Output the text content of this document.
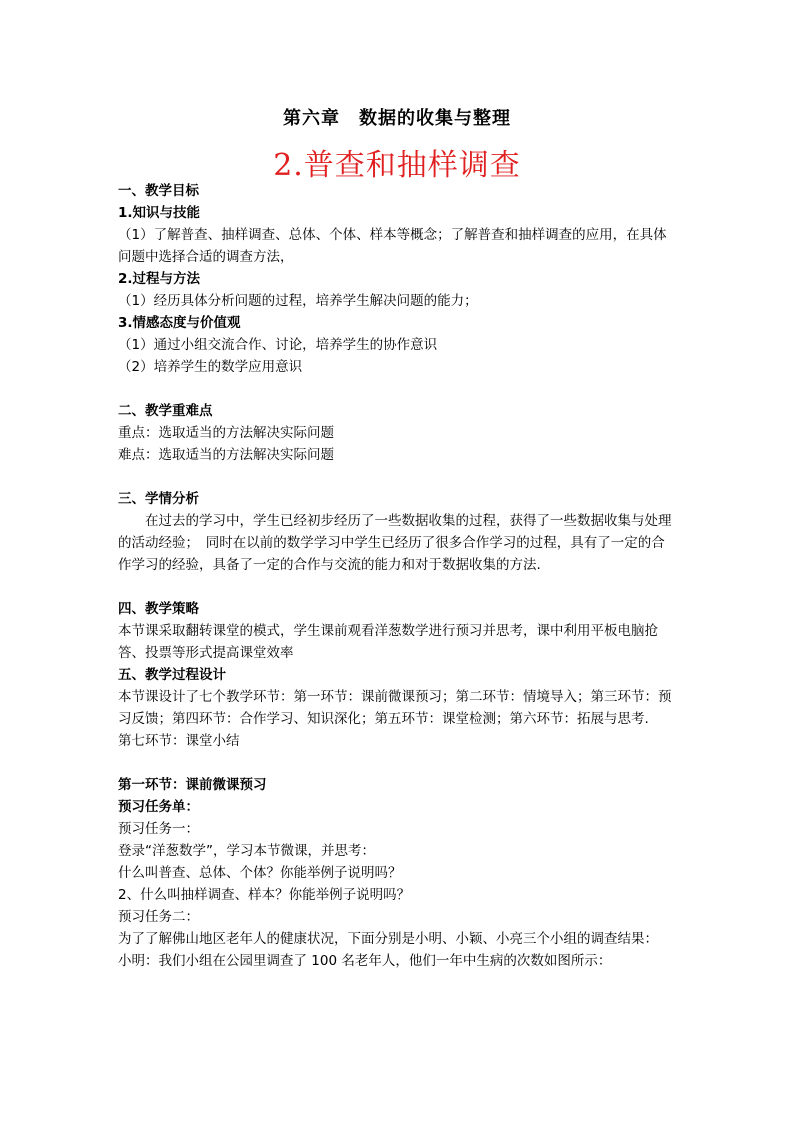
第六章　数据的收集与整理
2.普查和抽样调查

一、教学目标

1.知识与技能

（1）了解普查、抽样调查、总体、个体、样本等概念；了解普查和抽样调查的应用，在具体问题中选择合适的调查方法，

2.过程与方法

（1）经历具体分析问题的过程，培养学生解决问题的能力；

3.情感态度与价值观

（1）通过小组交流合作、讨论，培养学生的协作意识

（2）培养学生的数学应用意识

二、教学重难点

重点：选取适当的方法解决实际问题

难点：选取适当的方法解决实际问题

三、学情分析

在过去的学习中，学生已经初步经历了一些数据收集的过程，获得了一些数据收集与处理的活动经验；　同时在以前的数学学习中学生已经历了很多合作学习的过程，具有了一定的合作学习的经验，具备了一定的合作与交流的能力和对于数据收集的方法.

四、教学策略

本节课采取翻转课堂的模式，学生课前观看洋葱数学进行预习并思考，课中利用平板电脑抢答、投票等形式提高课堂效率

五、教学过程设计

本节课设计了七个教学环节：第一环节：课前微课预习；第二环节：情境导入；第三环节：预习反馈；第四环节：合作学习、知识深化；第五环节：课堂检测；第六环节：拓展与思考.

第七环节：课堂小结

第一环节：课前微课预习

预习任务单：

预习任务一：

登录“洋葱数学”，学习本节微课，并思考：

什么叫普查、总体、个体？你能举例子说明吗？

2、什么叫抽样调查、样本？你能举例子说明吗？

预习任务二：

为了了解佛山地区老年人的健康状况，下面分别是小明、小颖、小亮三个小组的调查结果：

小明：我们小组在公园里调查了 100 名老年人，他们一年中生病的次数如图所示：
